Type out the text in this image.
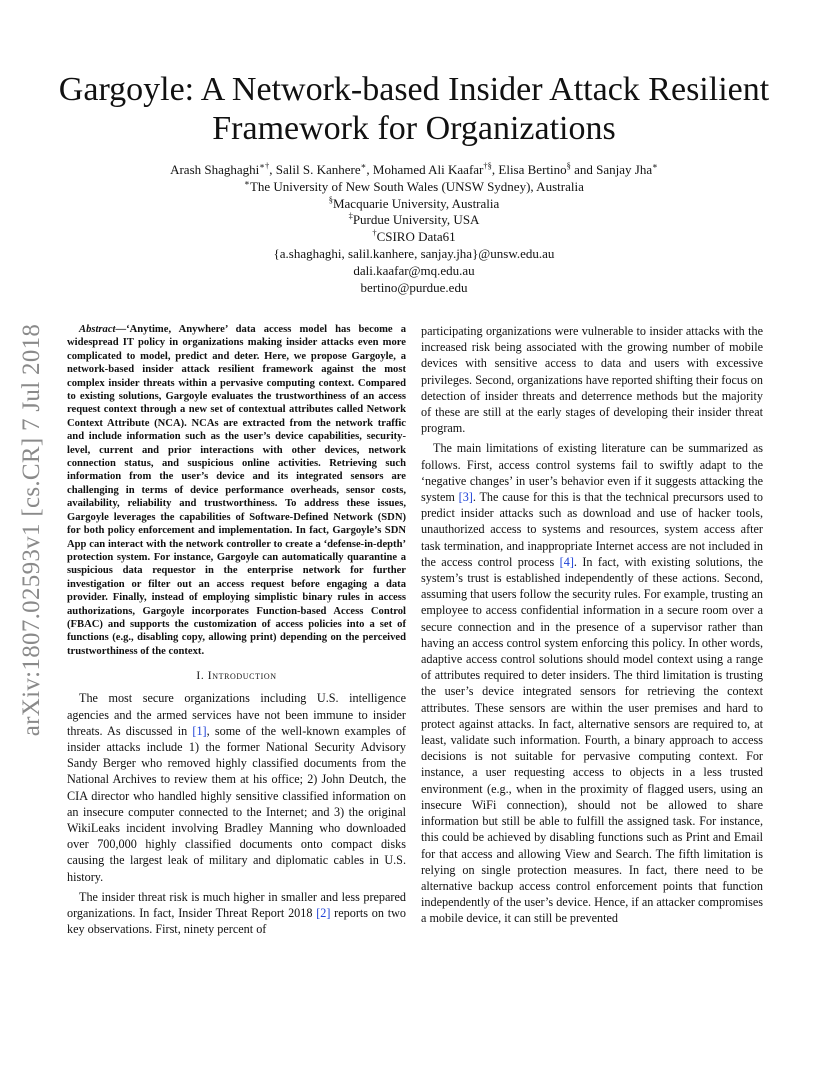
arXiv:1807.02593v1 [cs.CR] 7 Jul 2018
Gargoyle: A Network-based Insider Attack Resilient
Framework for Organizations
Arash Shaghaghi∗†, Salil S. Kanhere∗, Mohamed Ali Kaafar†§, Elisa Bertino§ and Sanjay Jha∗
∗The University of New South Wales (UNSW Sydney), Australia
§Macquarie University, Australia
‡Purdue University, USA
†CSIRO Data61
{a.shaghaghi, salil.kanhere, sanjay.jha}@unsw.edu.au
dali.kaafar@mq.edu.au
bertino@purdue.edu

Abstract—‘Anytime, Anywhere’ data access model has become a widespread IT policy in organizations making insider attacks even more complicated to model, predict and deter. Here, we propose Gargoyle, a network-based insider attack resilient framework against the most complex insider threats within a pervasive computing context. Compared to existing solutions, Gargoyle evaluates the trustworthiness of an access request context through a new set of contextual attributes called Network Context Attribute (NCA). NCAs are extracted from the network traffic and include information such as the user’s device capabilities, security-level, current and prior interactions with other devices, network connection status, and suspicious online activities. Retrieving such information from the user’s device and its integrated sensors are challenging in terms of device performance overheads, sensor costs, availability, reliability and trustworthiness. To address these issues, Gargoyle leverages the capabilities of Software-Defined Network (SDN) for both policy enforcement and implementation. In fact, Gargoyle’s SDN App can interact with the network controller to create a ‘defense-in-depth’ protection system. For instance, Gargoyle can automatically quarantine a suspicious data requestor in the enterprise network for further investigation or filter out an access request before engaging a data provider. Finally, instead of employing simplistic binary rules in access authorizations, Gargoyle incorporates Function-based Access Control (FBAC) and supports the customization of access policies into a set of functions (e.g., disabling copy, allowing print) depending on the perceived trustworthiness of the context.

I. Introduction

The most secure organizations including U.S. intelligence agencies and the armed services have not been immune to insider threats. As discussed in [1], some of the well-known examples of insider attacks include 1) the former National Security Advisory Sandy Berger who removed highly classified documents from the National Archives to review them at his office; 2) John Deutch, the CIA director who handled highly sensitive classified information on an insecure computer connected to the Internet; and 3) the original WikiLeaks incident involving Bradley Manning who downloaded over 700,000 highly classified documents onto compact disks causing the largest leak of military and diplomatic cables in U.S. history.

The insider threat risk is much higher in smaller and less prepared organizations. In fact, Insider Threat Report 2018 [2] reports on two key observations. First, ninety percent of

participating organizations were vulnerable to insider attacks with the increased risk being associated with the growing number of mobile devices with sensitive access to data and users with excessive privileges. Second, organizations have reported shifting their focus on detection of insider threats and deterrence methods but the majority of these are still at the early stages of developing their insider threat program.

The main limitations of existing literature can be summarized as follows. First, access control systems fail to swiftly adapt to the ‘negative changes’ in user’s behavior even if it suggests attacking the system [3]. The cause for this is that the technical precursors used to predict insider attacks such as download and use of hacker tools, unauthorized access to systems and resources, system access after task termination, and inappropriate Internet access are not included in the access control process [4]. In fact, with existing solutions, the system’s trust is established independently of these actions. Second, assuming that users follow the security rules. For example, trusting an employee to access confidential information in a secure room over a secure connection and in the presence of a supervisor rather than having an access control system enforcing this policy. In other words, adaptive access control solutions should model context using a range of attributes required to deter insiders. The third limitation is trusting the user’s device integrated sensors for retrieving the context attributes. These sensors are within the user premises and hard to protect against attacks. In fact, alternative sensors are required to, at least, validate such information. Fourth, a binary approach to access decisions is not suitable for pervasive computing context. For instance, a user requesting access to objects in a less trusted environment (e.g., when in the proximity of flagged users, using an insecure WiFi connection), should not be allowed to share information but still be able to fulfill the assigned task. For instance, this could be achieved by disabling functions such as Print and Email for that access and allowing View and Search. The fifth limitation is relying on single protection measures. In fact, there need to be alternative backup access control enforcement points that function independently of the user’s device. Hence, if an attacker compromises a mobile device, it can still be prevented
